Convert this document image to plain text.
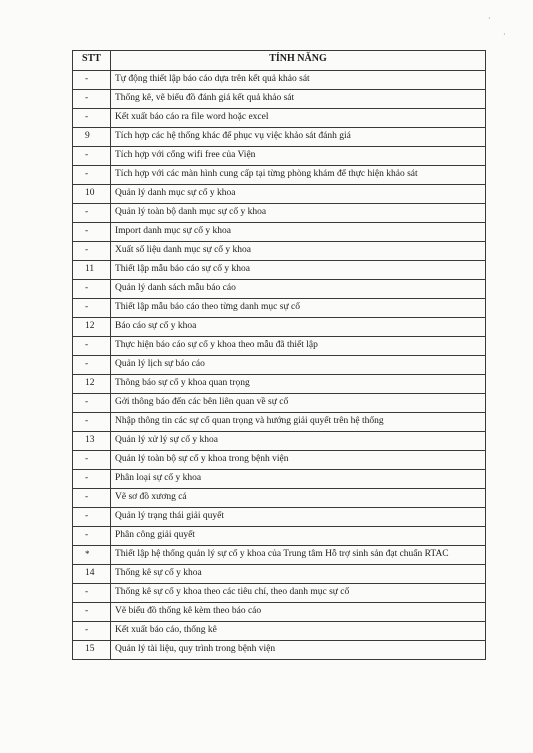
·
·
STT	TÍNH NĂNG
-	Tự động thiết lập báo cáo dựa trên kết quả khảo sát
-	Thống kê, vẽ biểu đồ đánh giá kết quả khảo sát
-	Kết xuất báo cáo ra file word hoặc excel
9	Tích hợp các hệ thống khác để phục vụ việc khảo sát đánh giá
-	Tích hợp với cổng wifi free của Viện
-	Tích hợp với các màn hình cung cấp tại từng phòng khám để thực hiện khảo sát
10	Quản lý danh mục sự cố y khoa
-	Quản lý toàn bộ danh mục sự cố y khoa
-	Import danh mục sự cố y khoa
-	Xuất số liệu danh mục sự cố y khoa
11	Thiết lập mẫu báo cáo sự cố y khoa
-	Quản lý danh sách mẫu báo cáo
-	Thiết lập mẫu báo cáo theo từng danh mục sự cố
12	Báo cáo sự cố y khoa
-	Thực hiện báo cáo sự cố y khoa theo mẫu đã thiết lập
-	Quản lý lịch sự báo cáo
12	Thông báo sự cố y khoa quan trọng
-	Gởi thông báo đến các bên liên quan về sự cố
-	Nhập thông tin các sự cố quan trọng và hướng giải quyết trên hệ thống
13	Quản lý xử lý sự cố y khoa
-	Quản lý toàn bộ sự cố y khoa trong bệnh viện
-	Phân loại sự cố y khoa
-	Vẽ sơ đồ xương cá
-	Quản lý trạng thái giải quyết
-	Phân công giải quyết
*	Thiết lập hệ thống quản lý sự cố y khoa của Trung tâm Hỗ trợ sinh sản đạt chuẩn RTAC
14	Thống kê sự cố y khoa
-	Thống kê sự cố y khoa theo các tiêu chí, theo danh mục sự cố
-	Vẽ biểu đồ thống kê kèm theo báo cáo
-	Kết xuất báo cáo, thống kê
15	Quản lý tài liệu, quy trình trong bệnh viện
